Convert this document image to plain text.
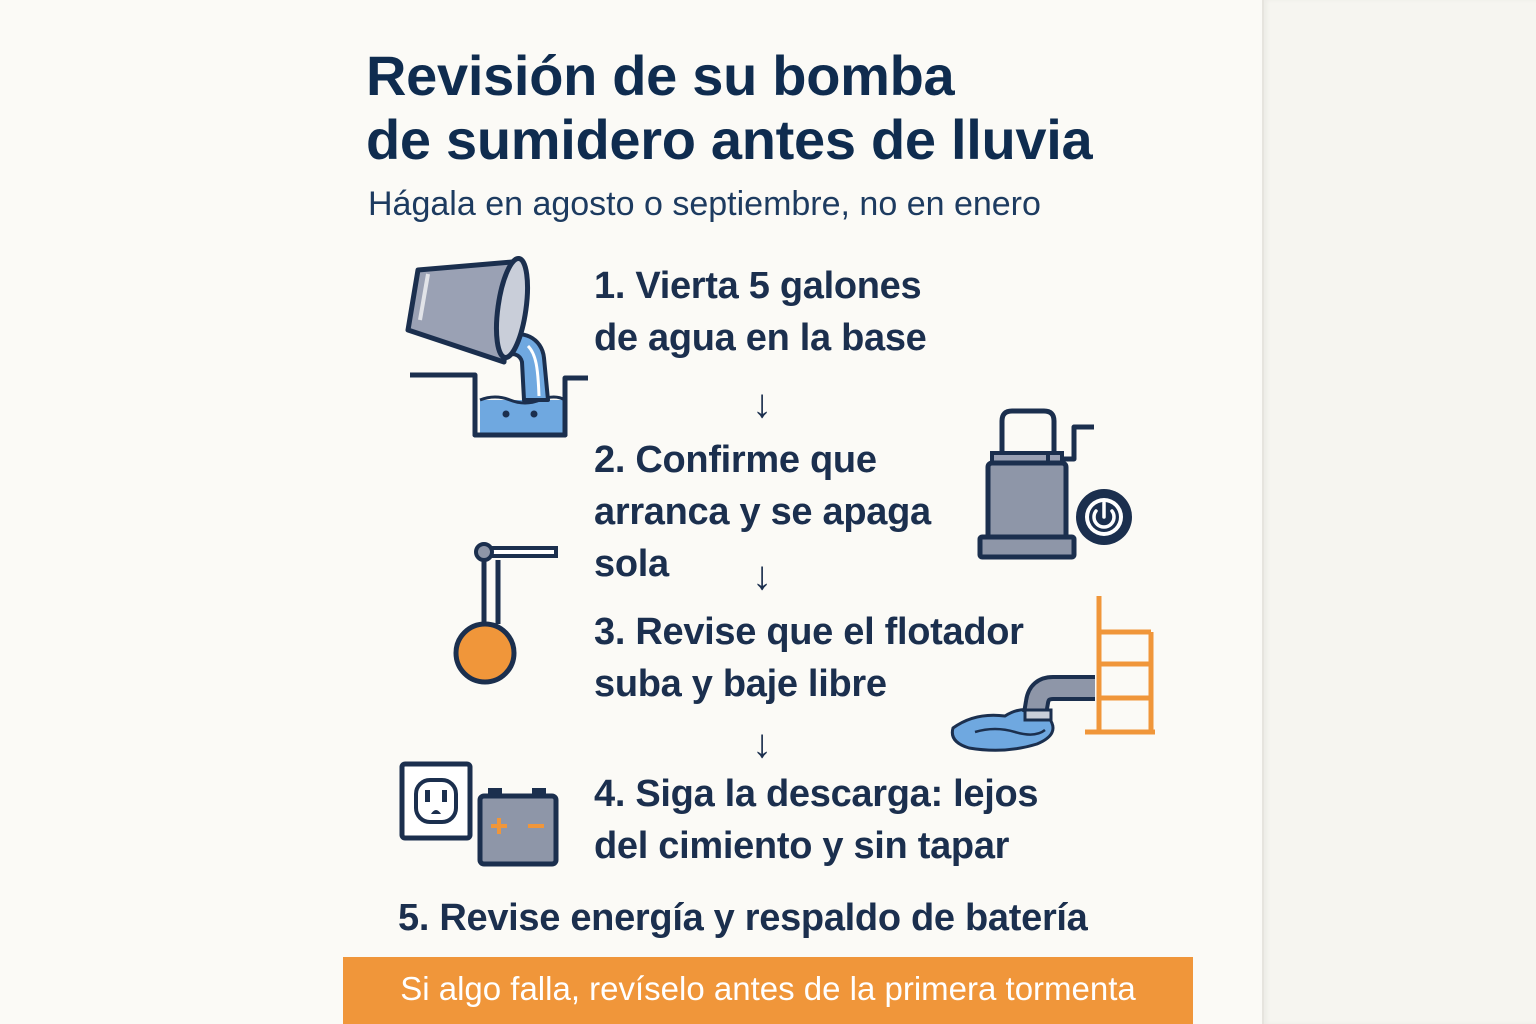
Revisión de su bomba
de sumidero antes de lluvia
Hágala en agosto o septiembre, no en enero
1. Vierta 5 galones
de agua en la base
↓
2. Confirme que
arranca y se apaga
sola	↓
3. Revise que el flotador
suba y baje libre
↓
4. Siga la descarga: lejos
del cimiento y sin tapar
5. Revise energía y respaldo de batería
Si algo falla, revíselo antes de la primera tormenta
